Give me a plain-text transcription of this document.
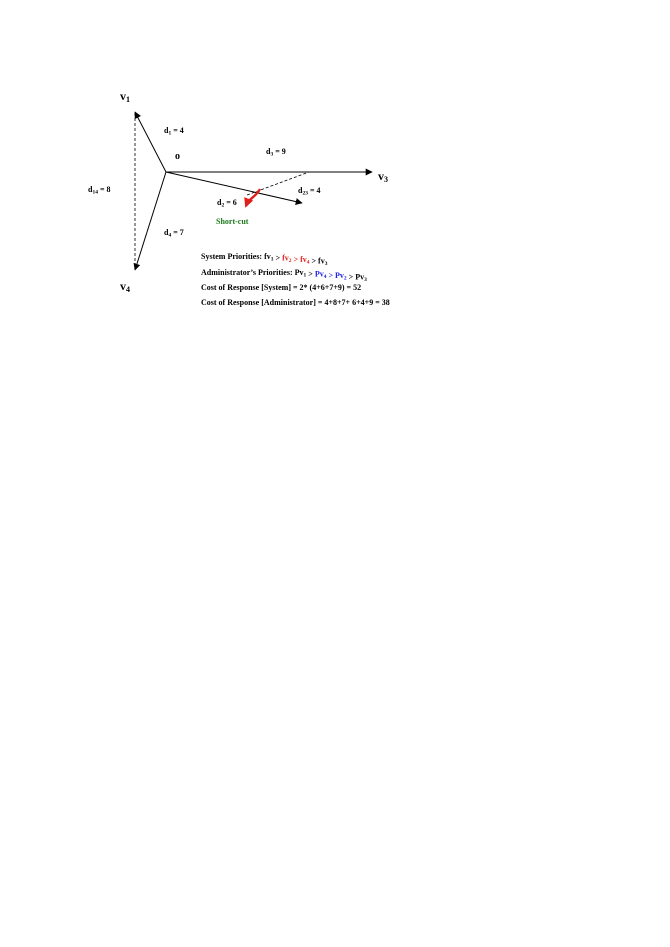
v1
v3
v4
o
d1 = 4
d3 = 9
d14 = 8	d23 = 4
d2 = 6
d4 = 7
Short-cut
System Priorities: fv1 > fv2 > fv4 > fv3
Administrator’s Priorities: Pv1 > Pv4 > Pv2 > Pv3
Cost of Response [System] = 2* (4+6+7+9) = 52
Cost of Response [Administrator] = 4+8+7+ 6+4+9 = 38
